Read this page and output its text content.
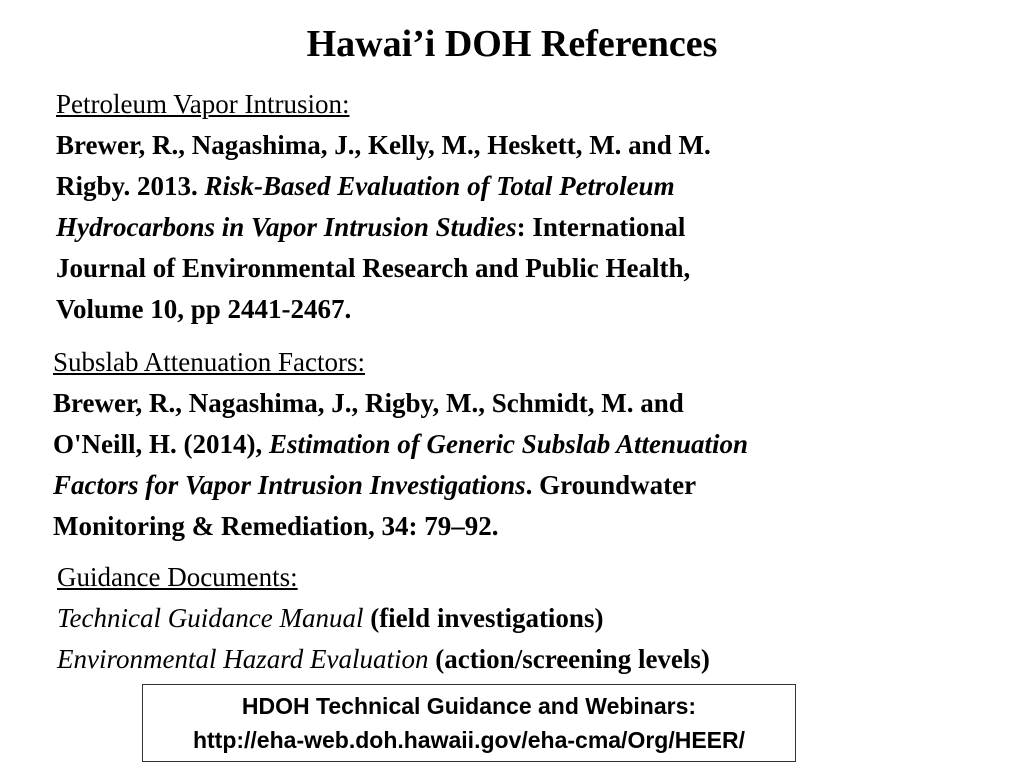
Hawai’i DOH References
Petroleum Vapor Intrusion:
Brewer, R., Nagashima, J., Kelly, M., Heskett, M. and M.
Rigby. 2013. Risk-Based Evaluation of Total Petroleum
Hydrocarbons in Vapor Intrusion Studies: International
Journal of Environmental Research and Public Health,
Volume 10, pp 2441-2467.
Subslab Attenuation Factors:
Brewer, R., Nagashima, J., Rigby, M., Schmidt, M. and
O'Neill, H. (2014), Estimation of Generic Subslab Attenuation
Factors for Vapor Intrusion Investigations. Groundwater
Monitoring & Remediation, 34: 79–92.
Guidance Documents:
Technical Guidance Manual (field investigations)
Environmental Hazard Evaluation (action/screening levels)
HDOH Technical Guidance and Webinars:
http://eha-web.doh.hawaii.gov/eha-cma/Org/HEER/
